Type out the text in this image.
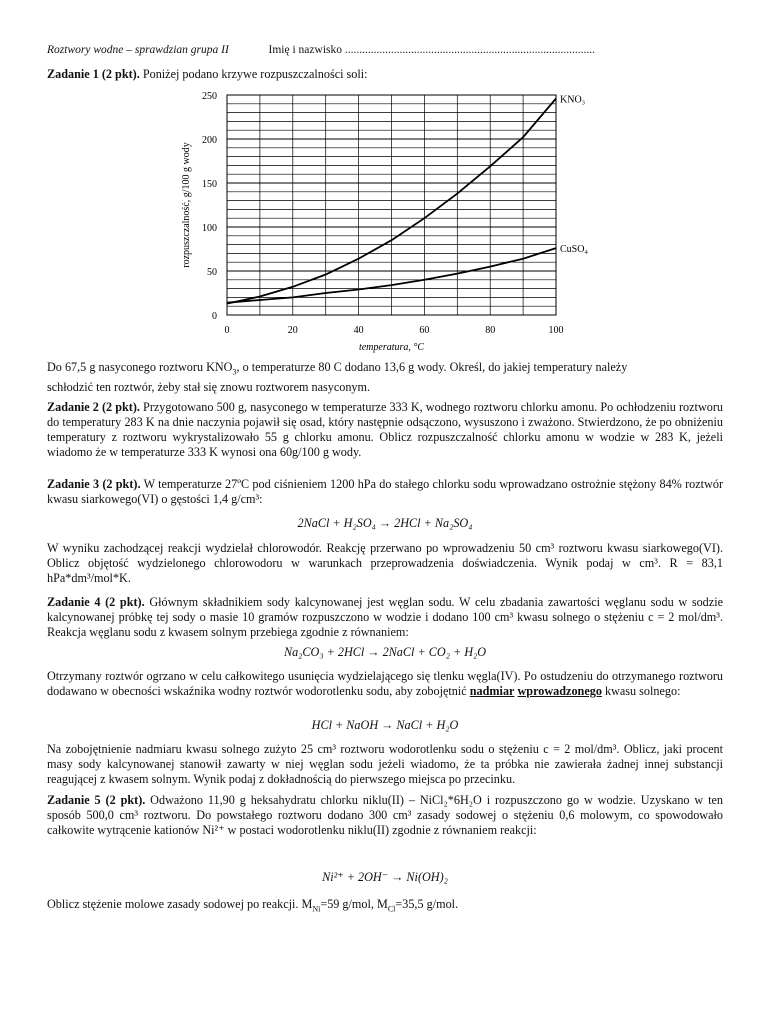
Roztwory wodne – sprawdzian grupa II	Imię i nazwisko .......................................................................................

Zadanie 1 (2 pkt). Poniżej podano krzywe rozpuszczalności soli:

0	20	40	60	80	100
0
50
100
150
200
250
temperatura, °C
rozpuszczalność, g/100 g wody
KNO₃
CuSO₄

Do 67,5 g nasyconego roztworu $KNO_3$, o temperaturze 80 C dodano 13,6 g wody. Określ, do jakiej temperatury należy

schłodzić ten roztwór, żeby stał się znowu roztworem nasyconym.

Zadanie 2 (2 pkt). Przygotowano 500 g, nasyconego w temperaturze 333 K, wodnego roztworu chlorku amonu. Po ochłodzeniu roztworu do temperatury 283 K na dnie naczynia pojawił się osad, który następnie odsączono, wysuszono i zważono. Stwierdzono, że po obniżeniu temperatury z roztworu wykrystalizowało 55 g chlorku amonu. Oblicz rozpuszczalność chlorku amonu w wodzie w 283 K, jeżeli wiadomo że w temperaturze 333 K wynosi ona 60g/100 g wody.

Zadanie 3 (2 pkt). W temperaturze 27ºC pod ciśnieniem 1200 hPa do stałego chlorku sodu wprowadzano ostrożnie stężony 84% roztwór kwasu siarkowego(VI) o gęstości 1,4 g/cm³:

2NaCl + H₂SO₄ → 2HCl + Na₂SO₄

W wyniku zachodzącej reakcji wydzielał chlorowodór. Reakcję przerwano po wprowadzeniu 50 cm³ roztworu kwasu siarkowego(VI). Oblicz objętość wydzielonego chlorowodoru w warunkach przeprowadzenia doświadczenia. Wynik podaj w cm³. R = 83,1 hPa*dm³/mol*K.

Zadanie 4 (2 pkt). Głównym składnikiem sody kalcynowanej jest węglan sodu. W celu zbadania zawartości węglanu sodu w sodzie kalcynowanej próbkę tej sody o masie 10 gramów rozpuszczono w wodzie i dodano 100 cm³ kwasu solnego o stężeniu c = 2 mol/dm³. Reakcja węglanu sodu z kwasem solnym przebiega zgodnie z równaniem:

Na₂CO₃ + 2HCl → 2NaCl + CO₂ + H₂O

Otrzymany roztwór ogrzano w celu całkowitego usunięcia wydzielającego się tlenku węgla(IV). Po ostudzeniu do otrzymanego roztworu dodawano w obecności wskaźnika wodny roztwór wodorotlenku sodu, aby zobojętnić nadmiar wprowadzonego kwasu solnego:

HCl + NaOH → NaCl + H₂O

Na zobojętnienie nadmiaru kwasu solnego zużyto 25 cm³ roztworu wodorotlenku sodu o stężeniu c = 2 mol/dm³. Oblicz, jaki procent masy sody kalcynowanej stanowił zawarty w niej węglan sodu jeżeli wiadomo, że ta próbka nie zawierała żadnej innej substancji reagującej z kwasem solnym. Wynik podaj z dokładnością do pierwszego miejsca po przecinku.

Zadanie 5 (2 pkt). Odważono 11,90 g heksahydratu chlorku niklu(II) – NiCl₂*6H₂O i rozpuszczono go w wodzie. Uzyskano w ten sposób 500,0 cm³ roztworu. Do powstałego roztworu dodano 300 cm³ zasady sodowej o stężeniu 0,6 molowym, co spowodowało całkowite wytrącenie kationów Ni²⁺ w postaci wodorotlenku niklu(II) zgodnie z równaniem reakcji:

Ni²⁺ + 2OH⁻ → Ni(OH)₂

Oblicz stężenie molowe zasady sodowej po reakcji. $M_{Ni}=59$ g/mol, $M_{Cl}=35,5$ g/mol.
